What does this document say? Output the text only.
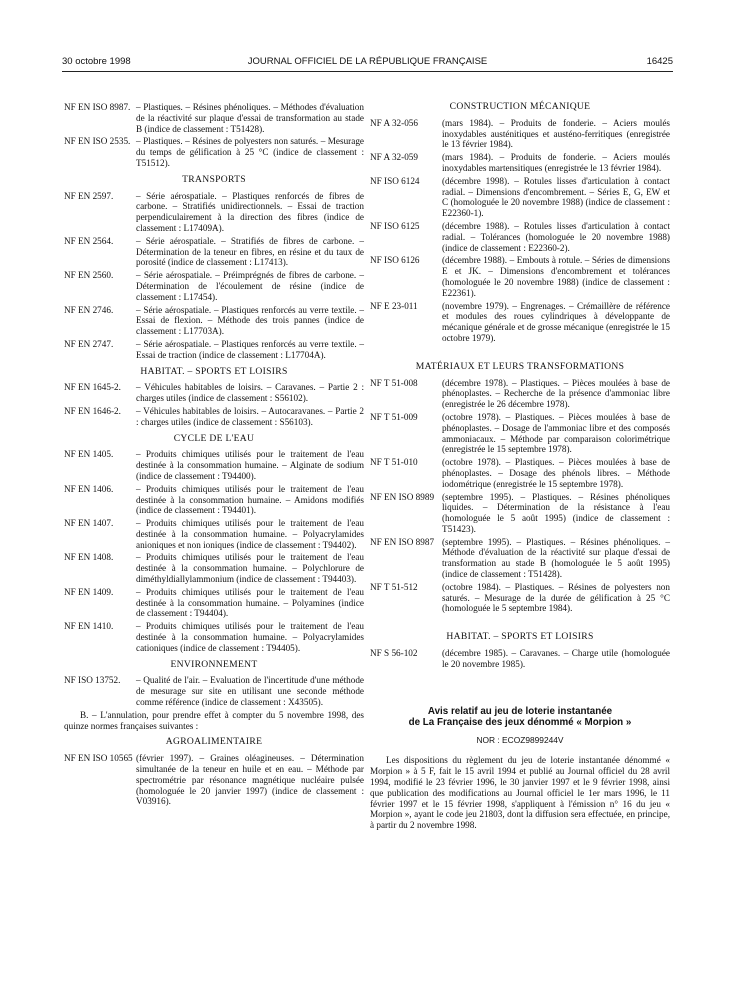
30 octobre 1998	JOURNAL OFFICIEL DE LA RÉPUBLIQUE FRANÇAISE	16425
NF EN ISO 8987. – Plastiques. – Résines phénoliques. – Méthodes d'évaluation de la réactivité sur plaque d'essai de transformation au stade B (indice de classement : T51428).
NF EN ISO 2535. – Plastiques. – Résines de polyesters non saturés. – Mesurage du temps de gélification à 25 °C (indice de classement : T51512).
TRANSPORTS
NF EN 2597.	– Série aérospatiale. – Plastiques renforcés de fibres de carbone. – Stratifiés unidirectionnels. – Essai de traction perpendiculairement à la direction des fibres (indice de classement : L17409A).
NF EN 2564.	– Série aérospatiale. – Stratifiés de fibres de carbone. – Détermination de la teneur en fibres, en résine et du taux de porosité (indice de classement : L17413).
NF EN 2560.	– Série aérospatiale. – Préimprégnés de fibres de carbone. – Détermination de l'écoulement de résine (indice de classement : L17454).
NF EN 2746.	– Série aérospatiale. – Plastiques renforcés au verre textile. – Essai de flexion. – Méthode des trois pannes (indice de classement : L17703A).
NF EN 2747.	– Série aérospatiale. – Plastiques renforcés au verre textile. – Essai de traction (indice de classement : L17704A).
HABITAT. – SPORTS ET LOISIRS
NF EN 1645-2.	– Véhicules habitables de loisirs. – Caravanes. – Partie 2 : charges utiles (indice de classement : S56102).
NF EN 1646-2.	– Véhicules habitables de loisirs. – Autocaravanes. – Partie 2 : charges utiles (indice de classement : S56103).
CYCLE DE L'EAU
NF EN 1405.	– Produits chimiques utilisés pour le traitement de l'eau destinée à la consommation humaine. – Alginate de sodium (indice de classement : T94400).
NF EN 1406.	– Produits chimiques utilisés pour le traitement de l'eau destinée à la consommation humaine. – Amidons modifiés (indice de classement : T94401).
NF EN 1407.	– Produits chimiques utilisés pour le traitement de l'eau destinée à la consommation humaine. – Polyacrylamides anioniques et non ioniques (indice de classement : T94402).
NF EN 1408.	– Produits chimiques utilisés pour le traitement de l'eau destinée à la consommation humaine. – Polychlorure de diméthyldiallylammonium (indice de classement : T94403).
NF EN 1409.	– Produits chimiques utilisés pour le traitement de l'eau destinée à la consommation humaine. – Polyamines (indice de classement : T94404).
NF EN 1410.	– Produits chimiques utilisés pour le traitement de l'eau destinée à la consommation humaine. – Polyacrylamides cationiques (indice de classement : T94405).
ENVIRONNEMENT
NF ISO 13752.	– Qualité de l'air. – Evaluation de l'incertitude d'une méthode de mesurage sur site en utilisant une seconde méthode comme référence (indice de classement : X43505).
B. – L'annulation, pour prendre effet à compter du 5 novembre 1998, des quinze normes françaises suivantes :
AGROALIMENTAIRE
NF EN ISO 10565 (février 1997). – Graines oléagineuses. – Détermination simultanée de la teneur en huile et en eau. – Méthode par spectrométrie par résonance magnétique nucléaire pulsée (homologuée le 20 janvier 1997) (indice de classement : V03916).
CONSTRUCTION MÉCANIQUE
NF A 32-056	(mars 1984). – Produits de fonderie. – Aciers moulés inoxydables austénitiques et austéno-ferritiques (enregistrée le 13 février 1984).
NF A 32-059	(mars 1984). – Produits de fonderie. – Aciers moulés inoxydables martensitiques (enregistrée le 13 février 1984).
NF ISO 6124	(décembre 1998). – Rotules lisses d'articulation à contact radial. – Dimensions d'encombrement. – Séries E, G, EW et C (homologuée le 20 novembre 1988) (indice de classement : E22360-1).
NF ISO 6125	(décembre 1988). – Rotules lisses d'articulation à contact radial. – Tolérances (homologuée le 20 novembre 1988) (indice de classement : E22360-2).
NF ISO 6126	(décembre 1988). – Embouts à rotule. – Séries de dimensions E et JK. – Dimensions d'encombrement et tolérances (homologuée le 20 novembre 1988) (indice de classement : E22361).
NF E 23-011	(novembre 1979). – Engrenages. – Crémaillère de référence et modules des roues cylindriques à développante de mécanique générale et de grosse mécanique (enregistrée le 15 octobre 1979).
MATÉRIAUX ET LEURS TRANSFORMATIONS
NF T 51-008	(décembre 1978). – Plastiques. – Pièces moulées à base de phénoplastes. – Recherche de la présence d'ammoniac libre (enregistrée le 26 décembre 1978).
NF T 51-009	(octobre 1978). – Plastiques. – Pièces moulées à base de phénoplastes. – Dosage de l'ammoniac libre et des composés ammoniacaux. – Méthode par comparaison colorimétrique (enregistrée le 15 septembre 1978).
NF T 51-010	(octobre 1978). – Plastiques. – Pièces moulées à base de phénoplastes. – Dosage des phénols libres. – Méthode iodométrique (enregistrée le 15 septembre 1978).
NF EN ISO 8989 (septembre 1995). – Plastiques. – Résines phénoliques liquides. – Détermination de la résistance à l'eau (homologuée le 5 août 1995) (indice de classement : T51423).
NF EN ISO 8987 (septembre 1995). – Plastiques. – Résines phénoliques. – Méthode d'évaluation de la réactivité sur plaque d'essai de transformation au stade B (homologuée le 5 août 1995) (indice de classement : T51428).
NF T 51-512	(octobre 1984). – Plastiques. – Résines de polyesters non saturés. – Mesurage de la durée de gélification à 25 °C (homologuée le 5 septembre 1984).
HABITAT. – SPORTS ET LOISIRS
NF S 56-102	(décembre 1985). – Caravanes. – Charge utile (homologuée le 20 novembre 1985).
Avis relatif au jeu de loterie instantanée
de La Française des jeux dénommé « Morpion »
NOR : ECOZ9899244V
Les dispositions du règlement du jeu de loterie instantanée dénommé « Morpion » à 5 F, fait le 15 avril 1994 et publié au Journal officiel du 28 avril 1994, modifié le 23 février 1996, le 30 janvier 1997 et le 9 février 1998, ainsi que publication des modifications au Journal officiel le 1er mars 1996, le 11 février 1997 et le 15 février 1998, s'appliquent à l'émission n° 16 du jeu « Morpion », ayant le code jeu 21803, dont la diffusion sera effectuée, en principe, à partir du 2 novembre 1998.
